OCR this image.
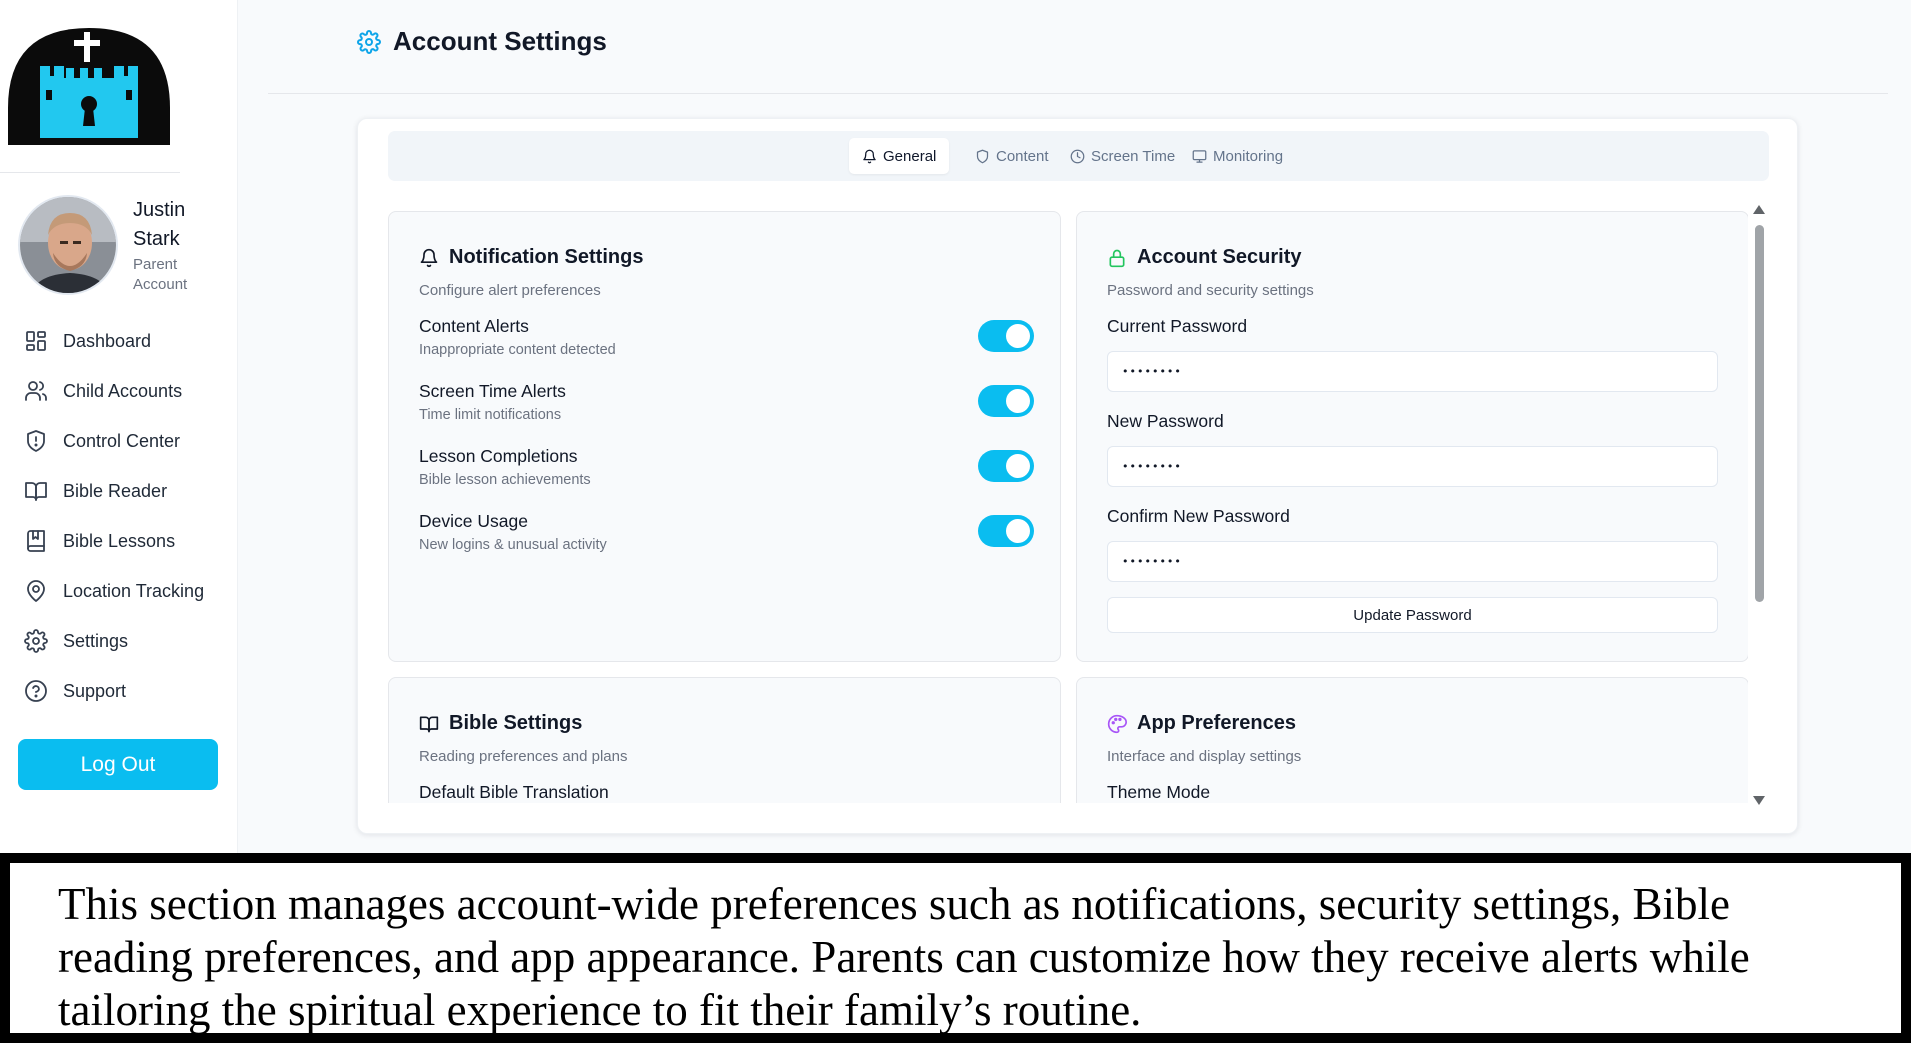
Justin Stark
Parent Account
Dashboard
Child Accounts
Control Center
Bible Reader
Bible Lessons
Location Tracking
Settings
Support
Log Out
Account Settings
General	Content	Screen Time	Monitoring
Notification Settings
Configure alert preferences
Content Alerts
Inappropriate content detected
Screen Time Alerts
Time limit notifications
Lesson Completions
Bible lesson achievements
Device Usage
New logins & unusual activity
Account Security
Password and security settings
Current Password
••••••••
New Password
••••••••
Confirm New Password
••••••••
Update Password
Bible Settings
Reading preferences and plans
Default Bible Translation
App Preferences
Interface and display settings
Theme Mode
This section manages account-wide preferences such as notifications, security settings, Bible reading preferences, and app appearance. Parents can customize how they receive alerts while tailoring the spiritual experience to fit their family’s routine.
